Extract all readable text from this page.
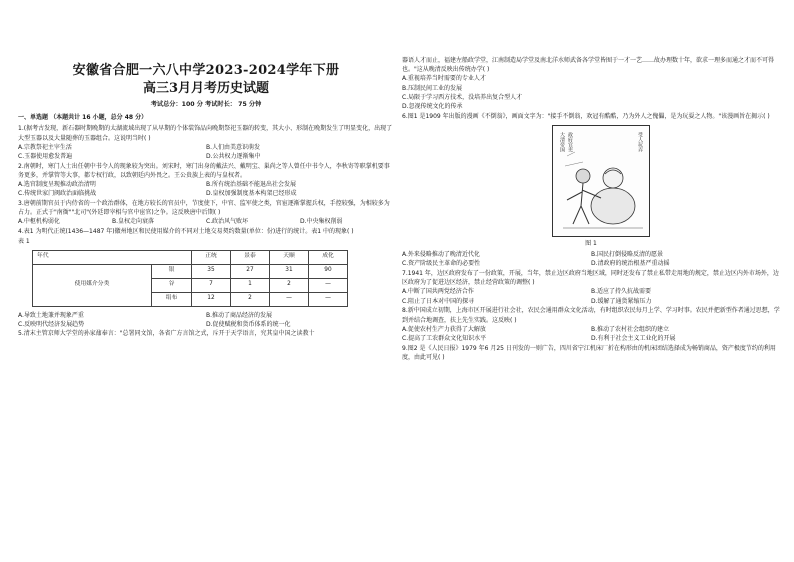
安徽省合肥一六八中学2023-2024学年下册
高三3月月考历史试题
考试总分：100 分 考试时长： 75 分钟
一、单选题 （本题共计 16 小题，总分 48 分）
1.(据考古发现，新石器时期晚期的太湖流域出现了从早期的个体装饰品向晚期祭祀玉器的转变，其大小、形制在晚期发生了明显变化，出现了大型玉器以及大量随葬的玉器组合。这说明当时( )
A.宗教祭祀主宰生活	B.人们由美意识萌发
C.玉器使用愈发普遍	D.公共权力逐渐集中
2.南朝时，寒门人士出任朝中书令人的现象较为突出。刘宋时，寒门出身的戴法兴、戴明宝、巢尚之等人曾任中书令人，李秋寄等职掌机要事务更多，并掌管等大事，都专权行政，以致朝廷内外畏之。王公贵族上表的与皇权者。
A.选官制度呈现推动政治清明	B.所有统治基础不能退出社会发展
C.传统世家门阀政治面临挑战	D.皇权加强制度基本构架已经形成
3.唐朝前期官员于内侍省的一个政治群体，在地方较长的官员中，节度使下，中官、监军使之类，官宦逐渐掌握兵权，手控较强，为相较多为占力。正式于"南衙""北司"(外廷即宰相与官中宦官)之争。这反映唐中后期( )
A.中枢机构弱化	B.皇权走向衰落	C.政治风气败坏	D.中央集权削弱
4.表1 为明代正统(1436—1487 年)徽州地区和民使用媒介的不同对土地交易契约数量(单位：份)进行的统计。表1 中的现象( )
表 1
年代		正统	景泰	天顺	成化
使用媒介分类	银	35	27	31	90
	谷	7	1	2	—
	绢布	12	2	—	—
A.导致土地兼并现象严重	B.推动了商品经济的发展
C.反映明代经济发展趋势	D.促使赋税和货币体系的统一化
5.清末主管京师大学堂的孙家鼐奉言："总署同文馆，各省广方言馆之式，斥开于天学语言，究其皇中国之读教十
器语人才而止，福建左船政学堂，江南制造局学堂及南北洋水师武备各学堂皆囿于一才一艺……故办理数十年，欲求一理多而通之才而不可得也。"这从晚清反映出传统办学( )
A.重视培养当时需要的专业人才
B.压制民间工业的发展
C.局限于学习西方技术，没培养出复合型人才
D.忽视传统文化的传承
6.图1 是1909 年出版的漫画《不倒翁》，画面文字为："接手不倒翁，欢冠有酷酷，乃为外人之傀儡，是为玩耍之人物。"该漫画旨在揭示( )
大清帝国 政府官吏	受人玩弄
图 1
A.外来侵略推动了晚清近代化	B.国民打倒侵略反清的愿景
C.资产阶级民主革命的必要性	D.清政府的统治根基严重动摇
7.1941 年，边区政府发布了一份政策，开展，当年，禁止边区政府当地区域，同时还发布了禁止私带走用地的规定，禁止边区内外市场外，边区政府为了促进边区经济，禁止经营政策的调整( )
A.中断了国共两党经济合作	B.适应了持久抗战需要
C.阻止了日本对中国的探寻	D.缓解了通货紧缩压力
8.新中国成立初期，上海市区开展进行社会社，农民会通用群众文化活动，有时组织农民每月上学、学习时事。农民并把新型作者通过思想，学到并结合地调查，扶上先生实践。这反映( )
A.促使农村生产力获得了大解放	B.推动了农村社会组织的建立
C.提高了工农群众文化知识水平	D.有利于社会主义工业化的开展
9.图2 是《人民日报》1979 年6 月25 日刊发的一则广告，四川省宁江机床厂折在构形由的机床团结选择成为畅销商品，资产极度节约的利用度，由此可见( )
